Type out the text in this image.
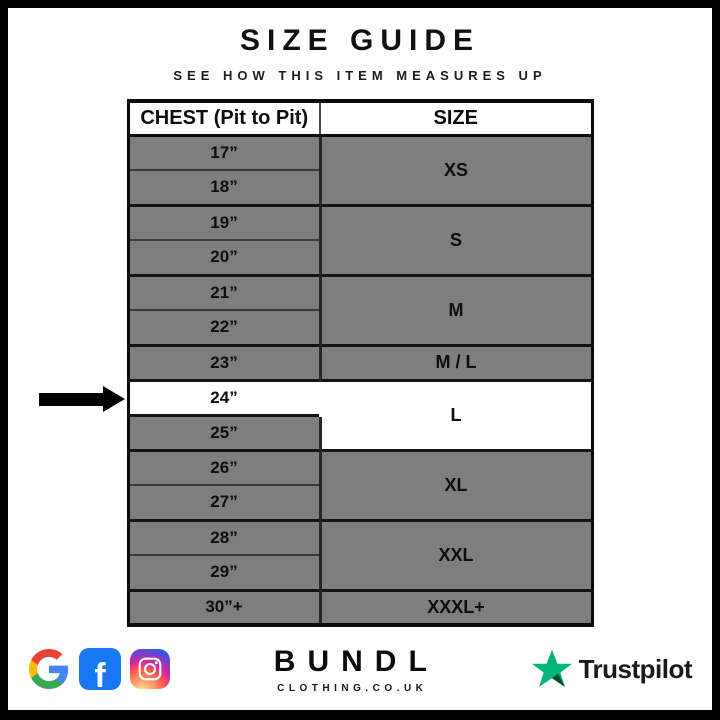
SIZE GUIDE
SEE HOW THIS ITEM MEASURES UP
CHEST (Pit to Pit)	SIZE
17”	XS
18”	
19”	S
20”	
21”	M
22”	
23”	M / L
24”	L
25”	
26”	XL
27”	
28”	XXL
29”	
30”+	XXXL+
f	BUNDL
CLOTHING.CO.UK
Trustpilot
